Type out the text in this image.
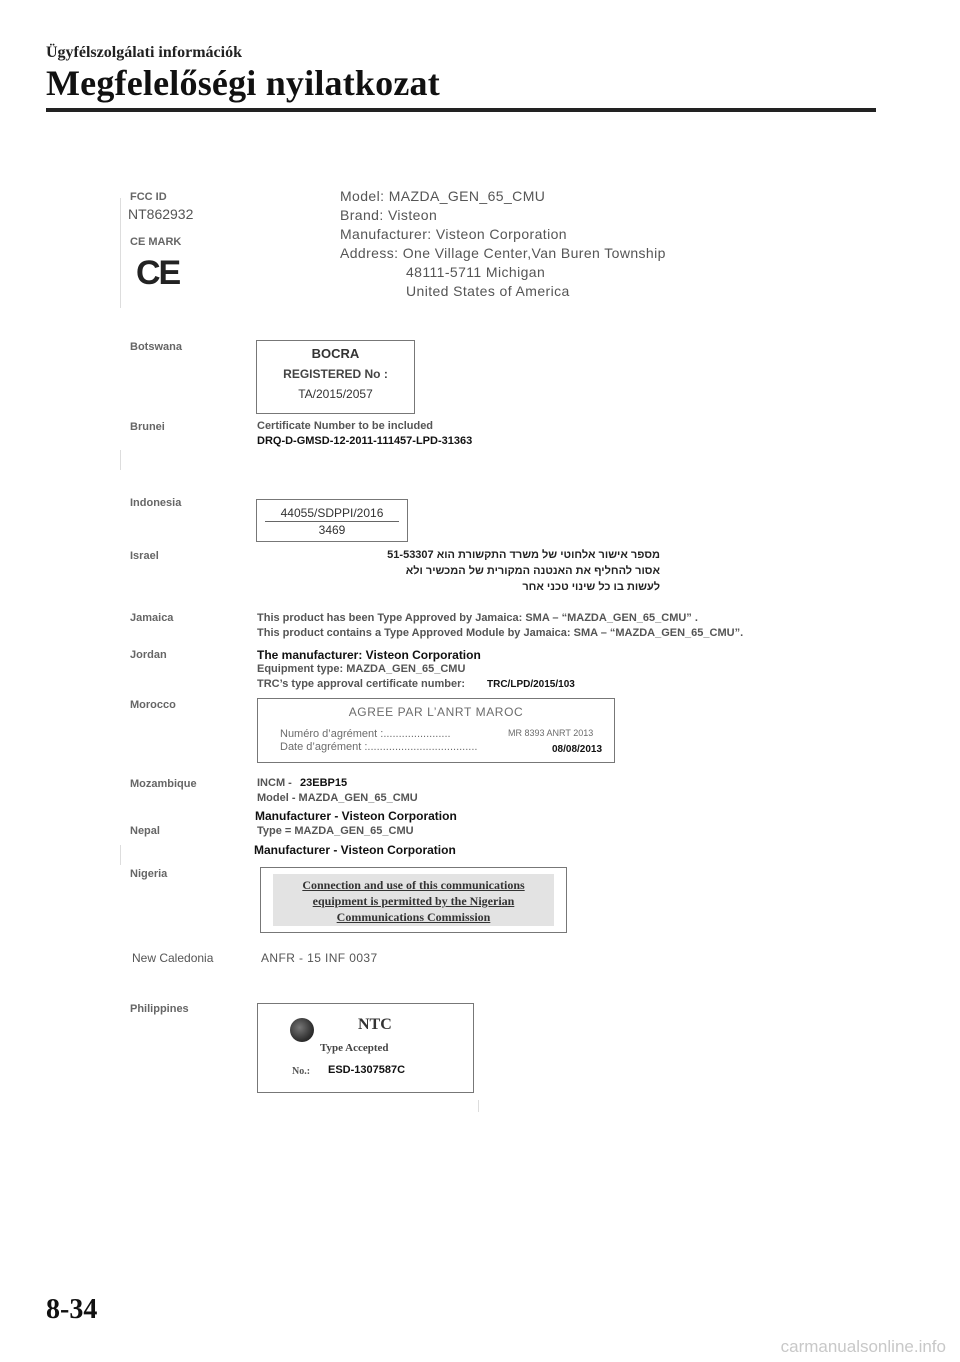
Ügyfélszolgálati információk
Megfelelőségi nyilatkozat
FCC ID
NT862932
CE MARK
CE
Model: MAZDA_GEN_65_CMU
Brand: Visteon
Manufacturer: Visteon Corporation
Address: One Village Center,Van Buren Township
48111-5711 Michigan
United States of America
Botswana	BOCRA
REGISTERED No :
TA/2015/2057
Brunei	Certificate Number to be included
DRQ-D-GMSD-12-2011-111457-LPD-31363
Indonesia
44055/SDPPI/2016
3469
Israel	מספר אישור אלחוטי של משרד התקשורת הוא 51-53307
אסור להחליף את האנטנה המקורית של המכשיר ולא
לעשות בו כל שינוי טכני אחר
Jamaica	This product has been Type Approved by Jamaica: SMA – “MAZDA_GEN_65_CMU” .
This product contains a Type Approved Module by Jamaica: SMA – “MAZDA_GEN_65_CMU”.
Jordan	The manufacturer: Visteon Corporation
Equipment type: MAZDA_GEN_65_CMU
TRC’s type approval certificate number: TRC/LPD/2015/103
Morocco	AGREE PAR L’ANRT MAROC
Numéro d’agrément :......................	MR 8393 ANRT 2013
Date d’agrément :....................................	08/08/2013
Mozambique	INCM - 23EBP15
Model - MAZDA_GEN_65_CMU
Manufacturer - Visteon Corporation
Nepal	Type = MAZDA_GEN_65_CMU
Manufacturer - Visteon Corporation
Nigeria
Connection and use of this communications
equipment is permitted by the Nigerian
Communications Commission
New Caledonia	ANFR - 15 INF 0037
Philippines
NTC
Type Accepted
No.: ESD-1307587C
8-34
carmanualsonline.info
